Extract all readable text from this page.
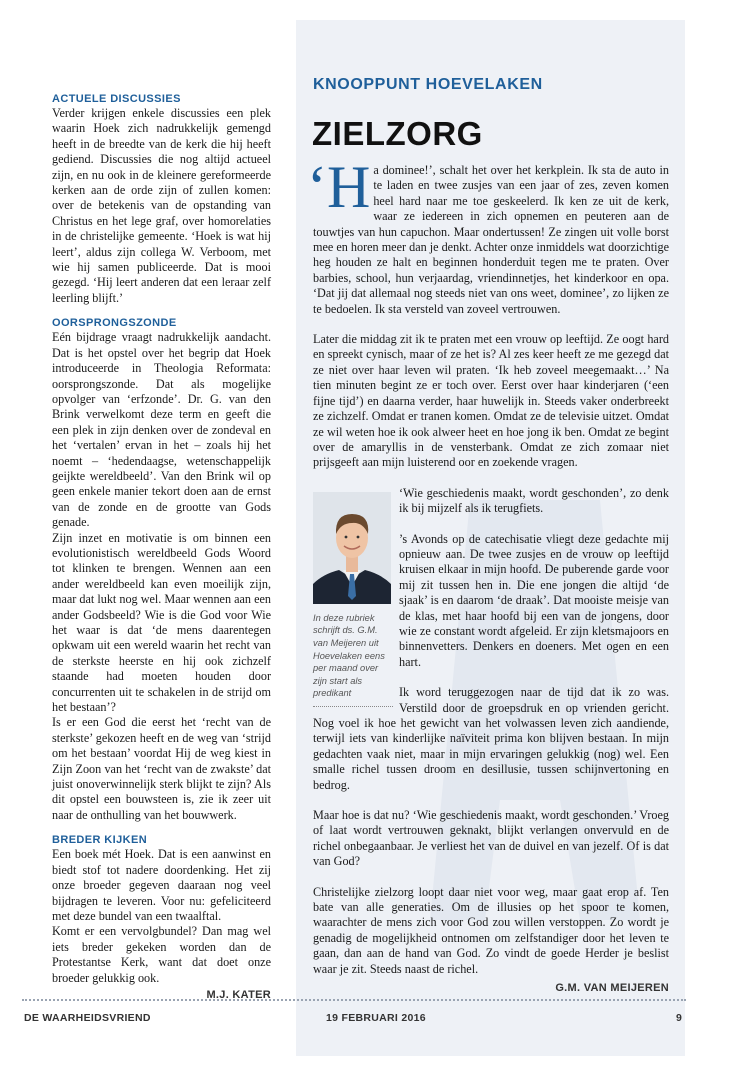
ACTUELE DISCUSSIES

Verder krijgen enkele discussies een plek waarin Hoek zich nadrukkelijk gemengd heeft in de breedte van de kerk die hij heeft gediend. Discussies die nog altijd actueel zijn, en nu ook in de kleinere gereformeerde kerken aan de orde zijn of zullen komen: over de betekenis van de opstanding van Christus en het lege graf, over homorelaties in de christelijke gemeente. ‘Hoek is wat hij leert’, aldus zijn collega W. Verboom, met wie hij samen publiceerde. Dat is mooi gezegd. ‘Hij leert anderen dat een leraar zelf leerling blijft.’

OORSPRONGSZONDE

Eén bijdrage vraagt nadrukkelijk aandacht. Dat is het opstel over het begrip dat Hoek introduceerde in Theologia Reformata: oorsprongszonde. Dat als mogelijke opvolger van ‘erfzonde’. Dr. G. van den Brink verwelkomt deze term en geeft die een plek in zijn denken over de zondeval en het ‘vertalen’ ervan in het – zoals hij het noemt – ‘hedendaagse, wetenschappelijk geijkte wereldbeeld’. Van den Brink wil op geen enkele manier tekort doen aan de ernst van de zonde en de grootte van Gods genade.

Zijn inzet en motivatie is om binnen een evolutionistisch wereldbeeld Gods Woord tot klinken te brengen. Wennen aan een ander wereldbeeld kan even moeilijk zijn, maar dat lukt nog wel. Maar wennen aan een ander Godsbeeld? Wie is die God voor Wie het waar is dat ‘de mens daarentegen opkwam uit een wereld waarin het recht van de sterkste heerste en hij ook zichzelf staande had moeten houden door concurrenten uit te schakelen in de strijd om het bestaan’?

Is er een God die eerst het ‘recht van de sterkste’ gekozen heeft en de weg van ‘strijd om het bestaan’ voordat Hij de weg kiest in Zijn Zoon van het ‘recht van de zwakste’ dat juist onoverwinnelijk sterk blijkt te zijn? Als dit opstel een bouwsteen is, zie ik zeer uit naar de onthulling van het bouwwerk.

BREDER KIJKEN

Een boek mét Hoek. Dat is een aanwinst en biedt stof tot nadere doordenking. Het zij onze broeder gegeven daaraan nog veel bijdragen te leveren. Voor nu: gefeliciteerd met deze bundel van een twaalftal.

Komt er een vervolgbundel? Dan mag wel iets breder gekeken worden dan de Protestantse Kerk, want dat doet onze broeder gelukkig ook.

M.J. KATER
KNOOPPUNT HOEVELAKEN
ZIELZORG

‘Ha dominee!’, schalt het over het kerkplein. Ik sta de auto in te laden en twee zusjes van een jaar of zes, zeven komen heel hard naar me toe geskeelerd. Ik ken ze uit de kerk, waar ze iedereen in zich opnemen en peuteren aan de touwtjes van hun capuchon. Maar ondertussen! Ze zingen uit volle borst mee en horen meer dan je denkt. Achter onze inmiddels wat doorzichtige heg houden ze halt en beginnen honderduit tegen me te praten. Over barbies, school, hun verjaardag, vriendinnetjes, het kinderkoor en opa. ‘Dat jij dat allemaal nog steeds niet van ons weet, dominee’, zo lijken ze te bedoelen. Ik sta versteld van zoveel vertrouwen.

Later die middag zit ik te praten met een vrouw op leeftijd. Ze oogt hard en spreekt cynisch, maar of ze het is? Al zes keer heeft ze me gezegd dat ze niet over haar leven wil praten. ‘Ik heb zoveel meegemaakt…’ Na tien minuten begint ze er toch over. Eerst over haar kinderjaren (‘een fijne tijd’) en daarna verder, haar huwelijk in. Steeds vaker onderbreekt ze zichzelf. Omdat er tranen komen. Omdat ze de televisie uitzet. Omdat ze wil weten hoe ik ook alweer heet en hoe jong ik ben. Omdat ze begint over de amaryllis in de vensterbank. Omdat ze zich zomaar niet prijsgeeft aan mijn luisterend oor en zoekende vragen.

In deze rubriek schrijft ds. G.M. van Meijeren uit Hoevelaken eens per maand over zijn start als predikant

‘Wie geschiedenis maakt, wordt geschonden’, zo denk ik bij mijzelf als ik terugfiets.

’s Avonds op de catechisatie vliegt deze gedachte mij opnieuw aan. De twee zusjes en de vrouw op leeftijd kruisen elkaar in mijn hoofd. De puberende garde voor mij zit tussen hen in. Die ene jongen die altijd ‘de sjaak’ is en daarom ‘de draak’. Dat mooiste meisje van de klas, met haar hoofd bij een van de jongens, door wie ze constant wordt afgeleid. Er zijn kletsmajoors en binnenvetters. Denkers en doeners. Met ogen en een hart.

Ik word teruggezogen naar de tijd dat ik zo was. Verstild door de groepsdruk en op vrienden gericht. Nog voel ik hoe het gewicht van het volwassen leven zich aandiende, terwijl iets van kinderlijke naïviteit prima kon blijven bestaan. In mijn gedachten vaak niet, maar in mijn ervaringen gelukkig (nog) wel. Een smalle richel tussen droom en desillusie, tussen schijnvertoning en bedrog.

Maar hoe is dat nu? ‘Wie geschiedenis maakt, wordt geschonden.’ Vroeg of laat wordt vertrouwen geknakt, blijkt verlangen onvervuld en de richel onbegaanbaar. Je verliest het van de duivel en van jezelf. Of is dat van God?

Christelijke zielzorg loopt daar niet voor weg, maar gaat erop af. Ten bate van alle generaties. Om de illusies op het spoor te komen, waarachter de mens zich voor God zou willen verstoppen. Zo wordt je genadig de mogelijkheid ontnomen om zelfstandiger door het leven te gaan, dan aan de hand van God. Zo vindt de goede Herder je beslist waar je zit. Steeds naast de richel.

G.M. VAN MEIJEREN
DE WAARHEIDSVRIEND	19 FEBRUARI 2016	9
